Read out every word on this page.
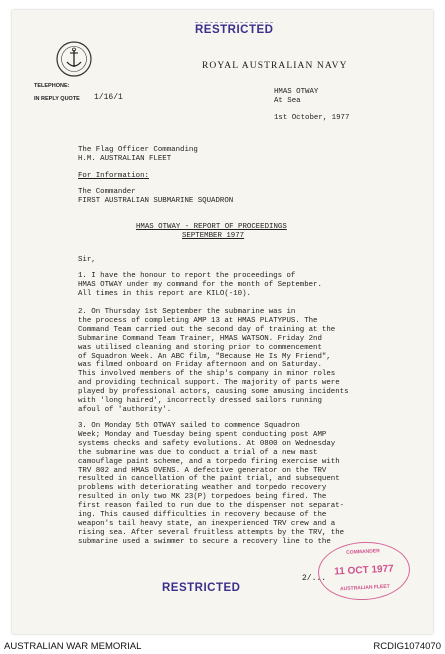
RESTRICTED
TELEPHONE:
IN REPLY QUOTE 1/16/1
ROYAL AUSTRALIAN NAVY
HMAS OTWAY
At Sea
1st October, 1977
The Flag Officer Commanding
H.M. AUSTRALIAN FLEET
For Information:
The Commander
FIRST AUSTRALIAN SUBMARINE SQUADRON
HMAS OTWAY - REPORT OF PROCEEDINGS
SEPTEMBER 1977
Sir,
1. I have the honour to report the proceedings of
HMAS OTWAY under my command for the month of September.
All times in this report are KILO(-10).
2. On Thursday 1st September the submarine was in
the process of completing AMP 13 at HMAS PLATYPUS. The
Command Team carried out the second day of training at the
Submarine Command Team Trainer, HMAS WATSON. Friday 2nd
was utilised cleaning and storing prior to commencement
of Squadron Week. An ABC film, "Because He Is My Friend",
was filmed onboard on Friday afternoon and on Saturday.
This involved members of the ship's company in minor roles
and providing technical support. The majority of parts were
played by professional actors, causing some amusing incidents
with 'long haired', incorrectly dressed sailors running
afoul of 'authority'.
3. On Monday 5th OTWAY sailed to commence Squadron
Week; Monday and Tuesday being spent conducting post AMP
systems checks and safety evolutions. At 0800 on Wednesday
the submarine was due to conduct a trial of a new mast
camouflage paint scheme, and a torpedo firing exercise with
TRV 802 and HMAS OVENS. A defective generator on the TRV
resulted in cancellation of the paint trial, and subsequent
problems with deteriorating weather and torpedo recovery
resulted in only two MK 23(P) torpedoes being fired. The
first reason failed to run due to the dispenser not separat-
ing. This caused difficulties in recovery because of the
weapon's tail heavy state, an inexperienced TRV crew and a
rising sea. After several fruitless attempts by the TRV, the
submarine used a swimmer to secure a recovery line to the
2/...
COMMANDER
11 OCT 1977
AUSTRALIAN FLEET
RESTRICTED
AUSTRALIAN WAR MEMORIAL	RCDIG1074070
